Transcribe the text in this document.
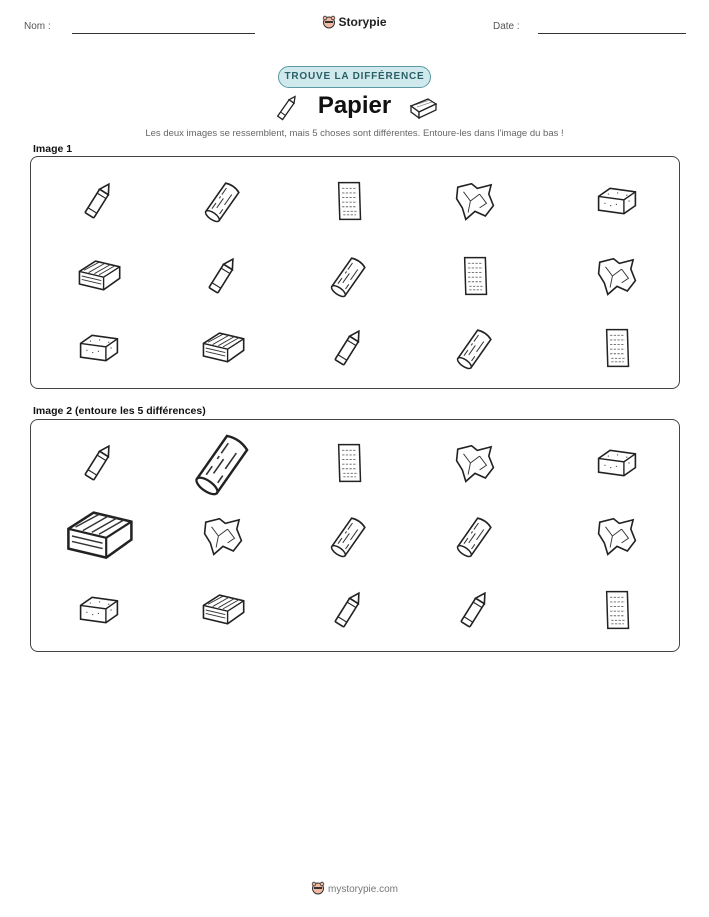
Nom :	Storypie	Date :
TROUVE LA DIFFÉRENCE
Papier
Les deux images se ressemblent, mais 5 choses sont différentes. Entoure-les dans l'image du bas !
Image 1
Image 2 (entoure les 5 différences)
mystorypie.com
